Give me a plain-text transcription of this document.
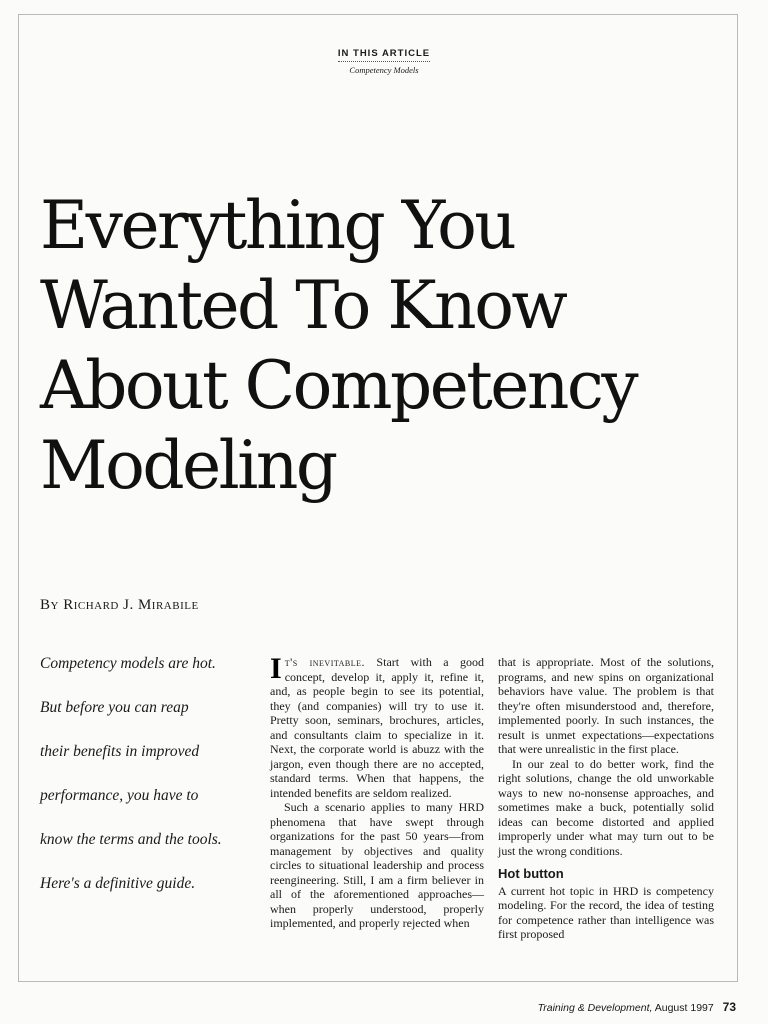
IN THIS ARTICLE
Competency Models
Everything You
Wanted To Know
About Competency
Modeling
By Richard J. Mirabile

Competency models are hot.

But before you can reap

their benefits in improved

performance, you have to

know the terms and the tools.

Here's a definitive guide.

It's inevitable. Start with a good concept, develop it, apply it, refine it, and, as people begin to see its potential, they (and companies) will try to use it. Pretty soon, seminars, brochures, articles, and consultants claim to specialize in it. Next, the corporate world is abuzz with the jargon, even though there are no accepted, standard terms. When that happens, the intended benefits are seldom realized.

Such a scenario applies to many HRD phenomena that have swept through organizations for the past 50 years—from management by objectives and quality circles to situational leadership and process reengineering. Still, I am a firm believer in all of the aforementioned approaches—when properly understood, properly implemented, and properly rejected when

that is appropriate. Most of the solutions, programs, and new spins on organizational behaviors have value. The problem is that they're often misunderstood and, therefore, implemented poorly. In such instances, the result is unmet expectations—expectations that were unrealistic in the first place.

In our zeal to do better work, find the right solutions, change the old unworkable ways to new no-nonsense approaches, and sometimes make a buck, potentially solid ideas can become distorted and applied improperly under what may turn out to be just the wrong conditions.

Hot button

A current hot topic in HRD is competency modeling. For the record, the idea of testing for competence rather than intelligence was first proposed

Training & Development, August 1997 73
